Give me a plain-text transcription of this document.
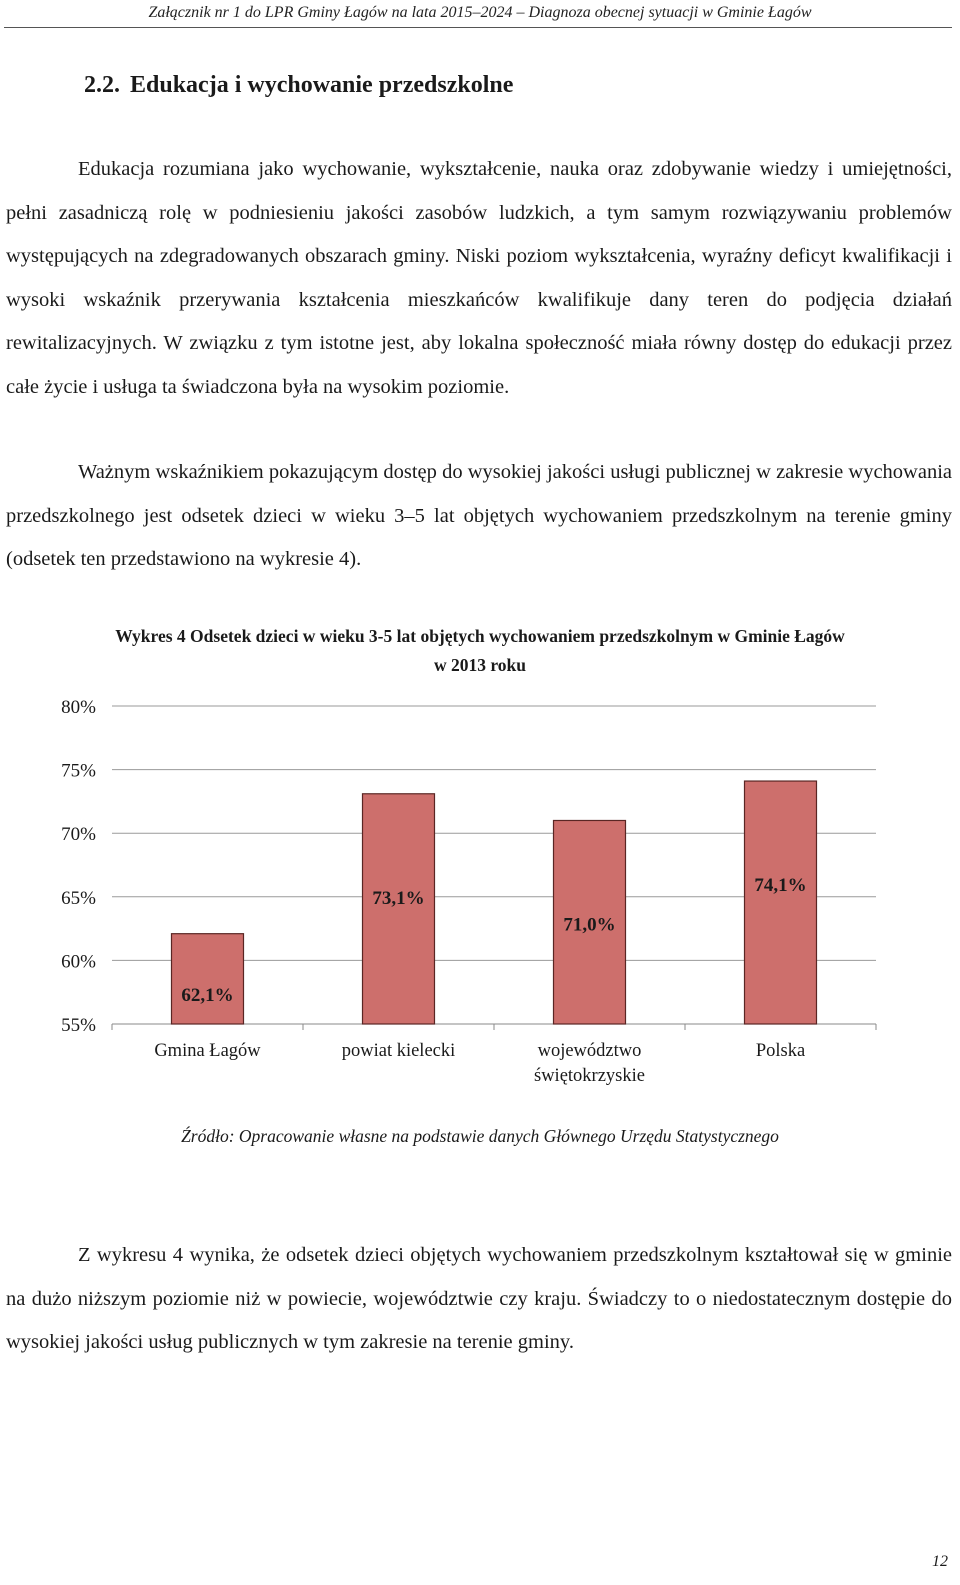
Załącznik nr 1 do LPR Gminy Łagów na lata 2015–2024 – Diagnoza obecnej sytuacji w Gminie Łagów
2.2. Edukacja i wychowanie przedszkolne

Edukacja rozumiana jako wychowanie, wykształcenie, nauka oraz zdobywanie wiedzy i umiejętności, pełni zasadniczą rolę w podniesieniu jakości zasobów ludzkich, a tym samym rozwiązywaniu problemów występujących na zdegradowanych obszarach gminy. Niski poziom wykształcenia, wyraźny deficyt kwalifikacji i wysoki wskaźnik przerywania kształcenia mieszkańców kwalifikuje dany teren do podjęcia działań rewitalizacyjnych. W związku z tym istotne jest, aby lokalna społeczność miała równy dostęp do edukacji przez całe życie i usługa ta świadczona była na wysokim poziomie.

Ważnym wskaźnikiem pokazującym dostęp do wysokiej jakości usługi publicznej w zakresie wychowania przedszkolnego jest odsetek dzieci w wieku 3–5 lat objętych wychowaniem przedszkolnym na terenie gminy (odsetek ten przedstawiono na wykresie 4).

Wykres 4 Odsetek dzieci w wieku 3-5 lat objętych wychowaniem przedszkolnym w Gminie Łagów
w 2013 roku
80%
75%
70%
65%
60%
55%
62,1%
Gmina Łagów
73,1%
powiat kielecki
71,0%
województwo
świętokrzyskie
74,1%
Polska

Źródło: Opracowanie własne na podstawie danych Głównego Urzędu Statystycznego

Z wykresu 4 wynika, że odsetek dzieci objętych wychowaniem przedszkolnym kształtował się w gminie na dużo niższym poziomie niż w powiecie, województwie czy kraju. Świadczy to o niedostatecznym dostępie do wysokiej jakości usług publicznych w tym zakresie na terenie gminy.

12
